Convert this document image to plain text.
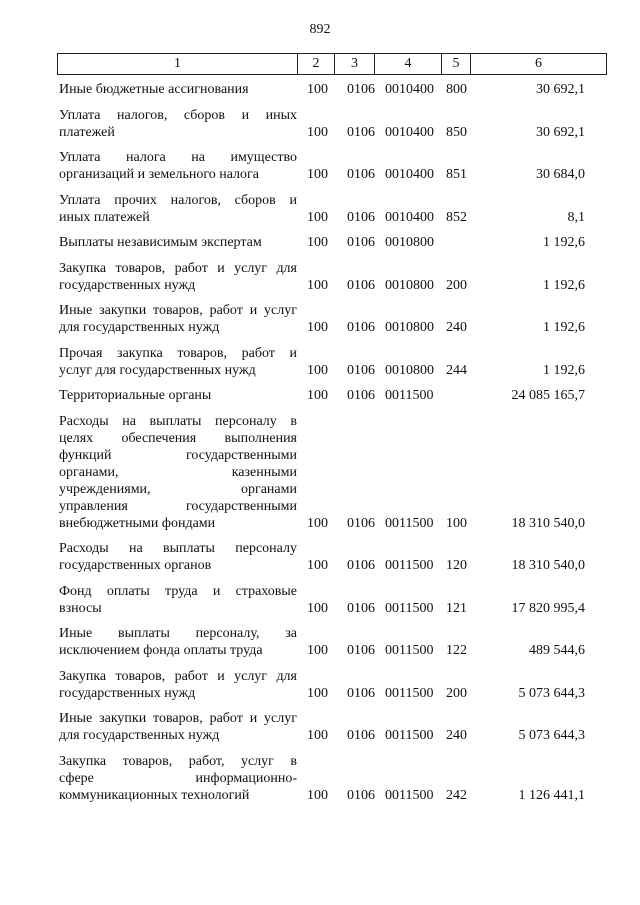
892
1	2	3	4	5	6
Иные бюджетные ассигнования	100 0106 0010400 800	30 692,1
Уплата налогов, сборов и иных
платежей	100 0106 0010400 850	30 692,1
Уплата налога на имущество
организаций и земельного налога	100 0106 0010400 851	30 684,0
Уплата прочих налогов, сборов и
иных платежей	100 0106 0010400 852	8,1
Выплаты независимым экспертам	100 0106 0010800	1 192,6
Закупка товаров, работ и услуг для
государственных нужд	100 0106 0010800 200	1 192,6
Иные закупки товаров, работ и услуг
для государственных нужд	100 0106 0010800 240	1 192,6
Прочая закупка товаров, работ и
услуг для государственных нужд	100 0106 0010800 244	1 192,6
Территориальные органы	100 0106 0011500	24 085 165,7
Расходы на выплаты персоналу в
целях обеспечения выполнения
функций государственными
органами, казенными
учреждениями, органами
управления государственными
внебюджетными фондами	100 0106 0011500 100	18 310 540,0
Расходы на выплаты персоналу
государственных органов	100 0106 0011500 120	18 310 540,0
Фонд оплаты труда и страховые
взносы	100 0106 0011500 121	17 820 995,4
Иные выплаты персоналу, за
исключением фонда оплаты труда	100 0106 0011500 122	489 544,6
Закупка товаров, работ и услуг для
государственных нужд	100 0106 0011500 200	5 073 644,3
Иные закупки товаров, работ и услуг
для государственных нужд	100 0106 0011500 240	5 073 644,3
Закупка товаров, работ, услуг в
сфере информационно-
коммуникационных технологий	100 0106 0011500 242	1 126 441,1
